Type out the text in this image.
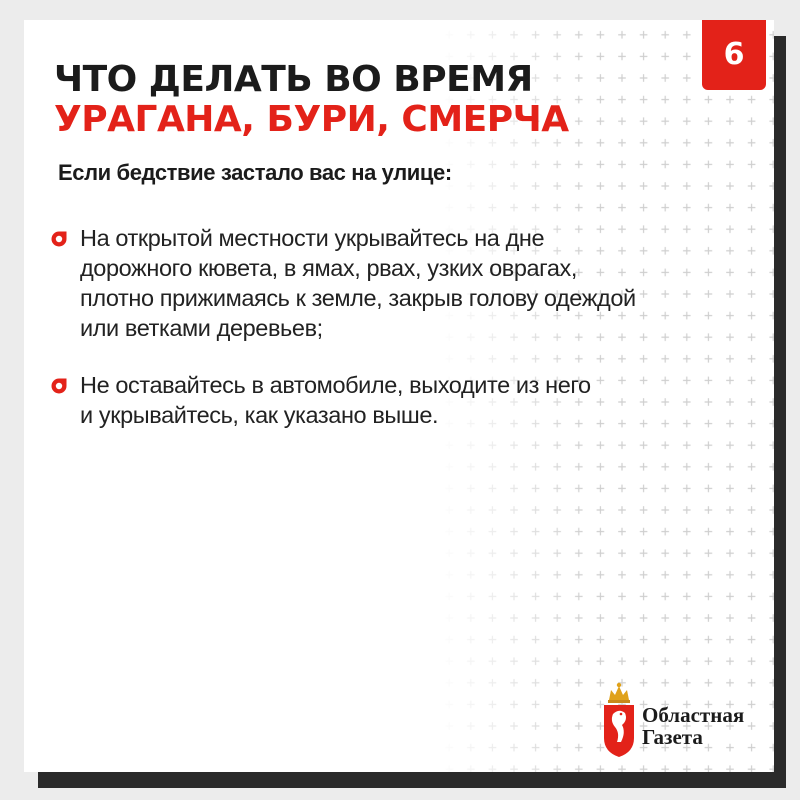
6
ЧТО ДЕЛАТЬ ВО ВРЕМЯ
УРАГАНА, БУРИ, СМЕРЧА
Если бедствие застало вас на улице:
На открытой местности укрывайтесь на дне
дорожного кювета, в ямах, рвах, узких оврагах,
плотно прижимаясь к земле, закрыв голову одеждой
или ветками деревьев;
Не оставайтесь в автомобиле, выходите из него
и укрывайтесь, как указано выше.
Областная
Газета
